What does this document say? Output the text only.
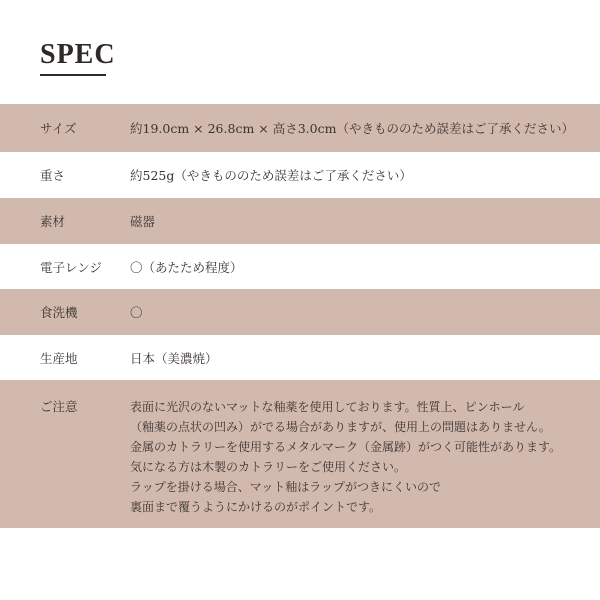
SPEC
サイズ	約19.0cm × 26.8cm × 高さ3.0cm（やきもののため誤差はご了承ください）
重さ	約525g（やきもののため誤差はご了承ください）
素材	磁器
電子レンジ	〇（あたため程度）
食洗機	〇
生産地	日本（美濃焼）
ご注意	表面に光沢のないマットな釉薬を使用しております。性質上、ピンホール
（釉薬の点状の凹み）がでる場合がありますが、使用上の問題はありません。
金属のカトラリーを使用するメタルマーク（金属跡）がつく可能性があります。
気になる方は木製のカトラリーをご使用ください。
ラップを掛ける場合、マット釉はラップがつきにくいので
裏面まで覆うようにかけるのがポイントです。
